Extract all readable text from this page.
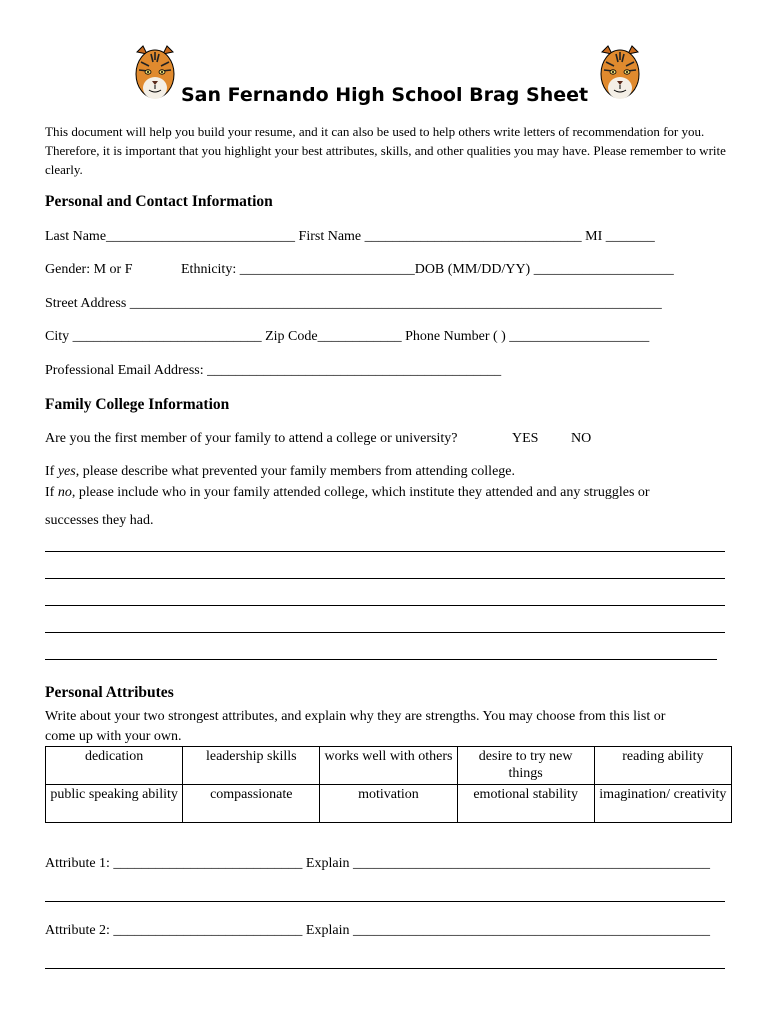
San Fernando High School Brag Sheet
This document will help you build your resume, and it can also be used to help others write letters of recommendation for you. Therefore, it is important that you highlight your best attributes, skills, and other qualities you may have. Please remember to write clearly.
Personal and Contact Information
Last Name___________________________ First Name _______________________________ MI _______
Gender: M or F	Ethnicity: _________________________DOB (MM/DD/YY) ____________________
Street Address ____________________________________________________________________________
City ___________________________ Zip Code____________ Phone Number ( ) ____________________
Professional Email Address: __________________________________________
Family College Information
Are you the first member of your family to attend a college or university?	YES NO
If yes, please describe what prevented your family members from attending college.
If no, please include who in your family attended college, which institute they attended and any struggles or
successes they had.
Personal Attributes
Write about your two strongest attributes, and explain why they are strengths. You may choose from this list or
come up with your own.
dedication	leadership skills	works well with others	desire to try new things	reading ability
public speaking ability	compassionate	motivation	emotional stability	imagination/ creativity
Attribute 1: ___________________________ Explain ___________________________________________________
Attribute 2: ___________________________ Explain ___________________________________________________
